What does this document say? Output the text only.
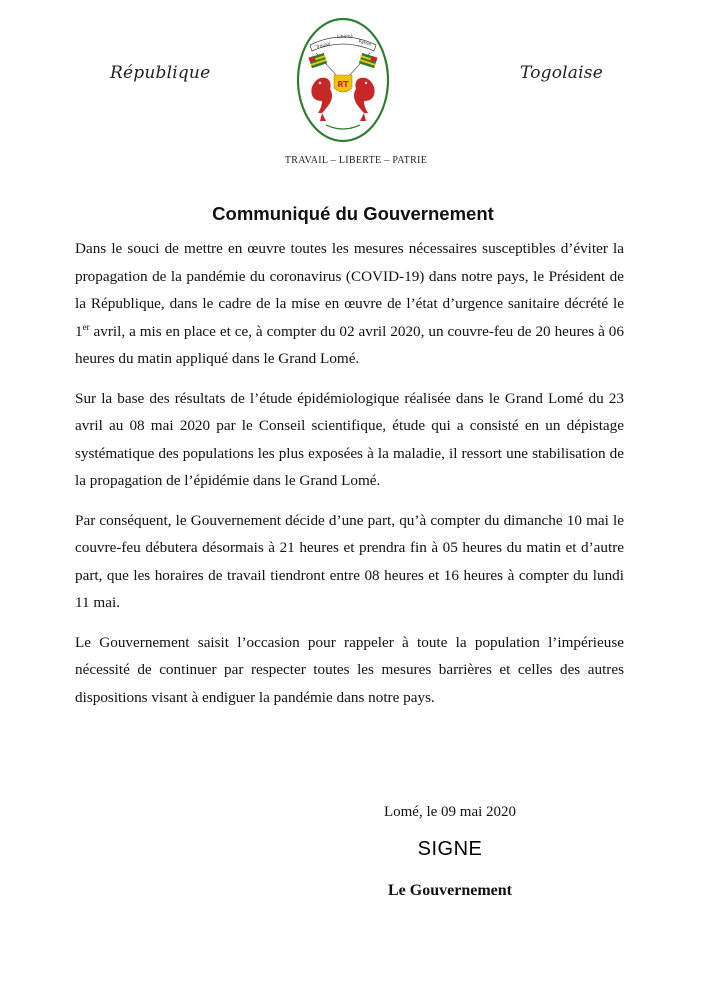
République
Travail
Liberté
Patrie
RT
Togolaise
TRAVAIL – LIBERTE – PATRIE
Communiqué du Gouvernement

Dans le souci de mettre en œuvre toutes les mesures nécessaires susceptibles d’éviter la propagation de la pandémie du coronavirus (COVID-19) dans notre pays, le Président de la République, dans le cadre de la mise en œuvre de l’état d’urgence sanitaire décrété le 1er avril, a mis en place et ce, à compter du 02 avril 2020, un couvre-feu de 20 heures à 06 heures du matin appliqué dans le Grand Lomé.

Sur la base des résultats de l’étude épidémiologique réalisée dans le Grand Lomé du 23 avril au 08 mai 2020 par le Conseil scientifique, étude qui a consisté en un dépistage systématique des populations les plus exposées à la maladie, il ressort une stabilisation de la propagation de l’épidémie dans le Grand Lomé.

Par conséquent, le Gouvernement décide d’une part, qu’à compter du dimanche 10 mai le couvre-feu débutera désormais à 21 heures et prendra fin à 05 heures du matin et d’autre part, que les horaires de travail tiendront entre 08 heures et 16 heures à compter du lundi 11 mai.

Le Gouvernement saisit l’occasion pour rappeler à toute la population l’impérieuse nécessité de continuer par respecter toutes les mesures barrières et celles des autres dispositions visant à endiguer la pandémie dans notre pays.

Lomé, le 09 mai 2020
SIGNE
Le Gouvernement
